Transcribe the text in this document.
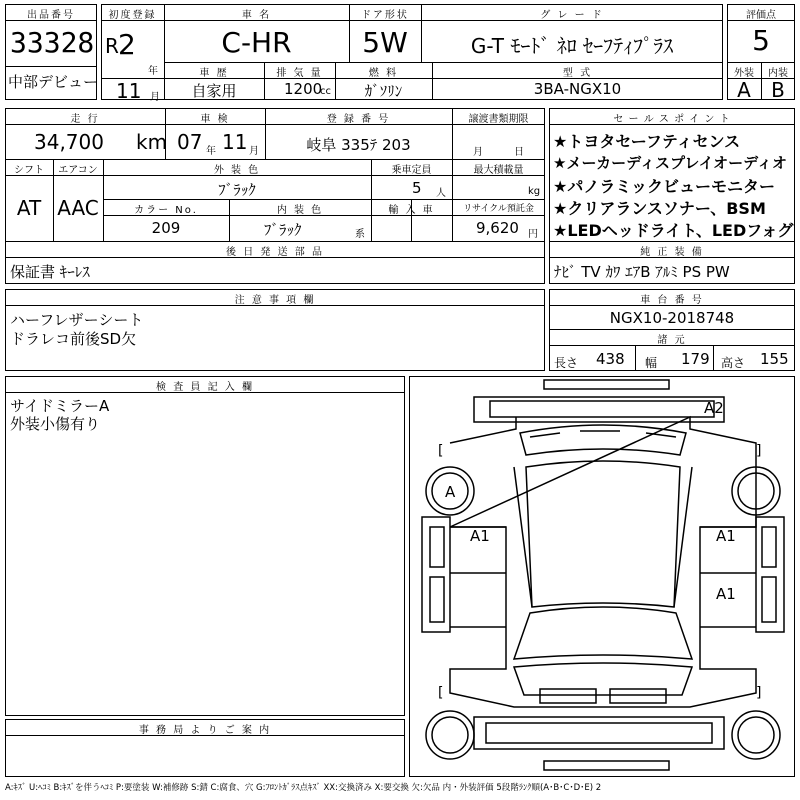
出品番号
33328
中部デビュー
初度登録
R 2
年
11 月
車 名
C-HR
ドア形状
5W
グ レ ー ド
G-T ﾓｰﾄﾞ ﾈﾛ ｾｰﾌﾃｨﾌﾟﾗｽ
車 歴
自家用
排 気 量
1200
cc
燃 料
ｶﾞｿﾘﾝ
型 式
3BA-NGX10
評価点
5
外装	内装
A	B
走 行
34,700 km
車 検
07 年 11 月
登 録 番 号
岐阜 335ﾃ 203
譲渡書類期限
月	日
シフト
AT
エアコン
AAC
外 装 色
ﾌﾞﾗｯｸ
乗車定員
5 人
最大積載量
kg
カラー No.
209
内 装 色
ﾌﾞﾗｯｸ	系
輸 入 車	リサイクル預託金
9,620 円
後 日 発 送 部 品
保証書 ｷｰﾚｽ
セ ー ル ス ポ イ ン ト
★トヨタセーフティセンス
★メーカーディスプレイオーディオ
★パノラミックビューモニター
★クリアランスソナー、BSM
★LEDヘッドライト、LEDフォグ
純 正 装 備
ﾅﾋﾞ TV ｶﾜ ｴｱB ｱﾙﾐ PS PW
注 意 事 項 欄
ハーフレザーシート
ドラレコ前後SD欠
車 台 番 号
NGX10-2018748
諸 元
長さ 438 幅 179 高さ 155
検 査 員 記 入 欄
サイドミラーA
外装小傷有り
事 務 局 よ り ご 案 内
[	]
[	]
A2
A
A1	A1
A1
A:ｷｽﾞ U:ﾍｺﾐ B:ｷｽﾞを伴うﾍｺﾐ P:要塗装 W:補修跡 S:錆 C:腐食、穴 G:ﾌﾛﾝﾄｶﾞﾗｽ点ｷｽﾞ XX:交換済み X:要交換 欠:欠品 内・外装評価 5段階ﾗﾝｸ順(A･B･C･D･E) 2
